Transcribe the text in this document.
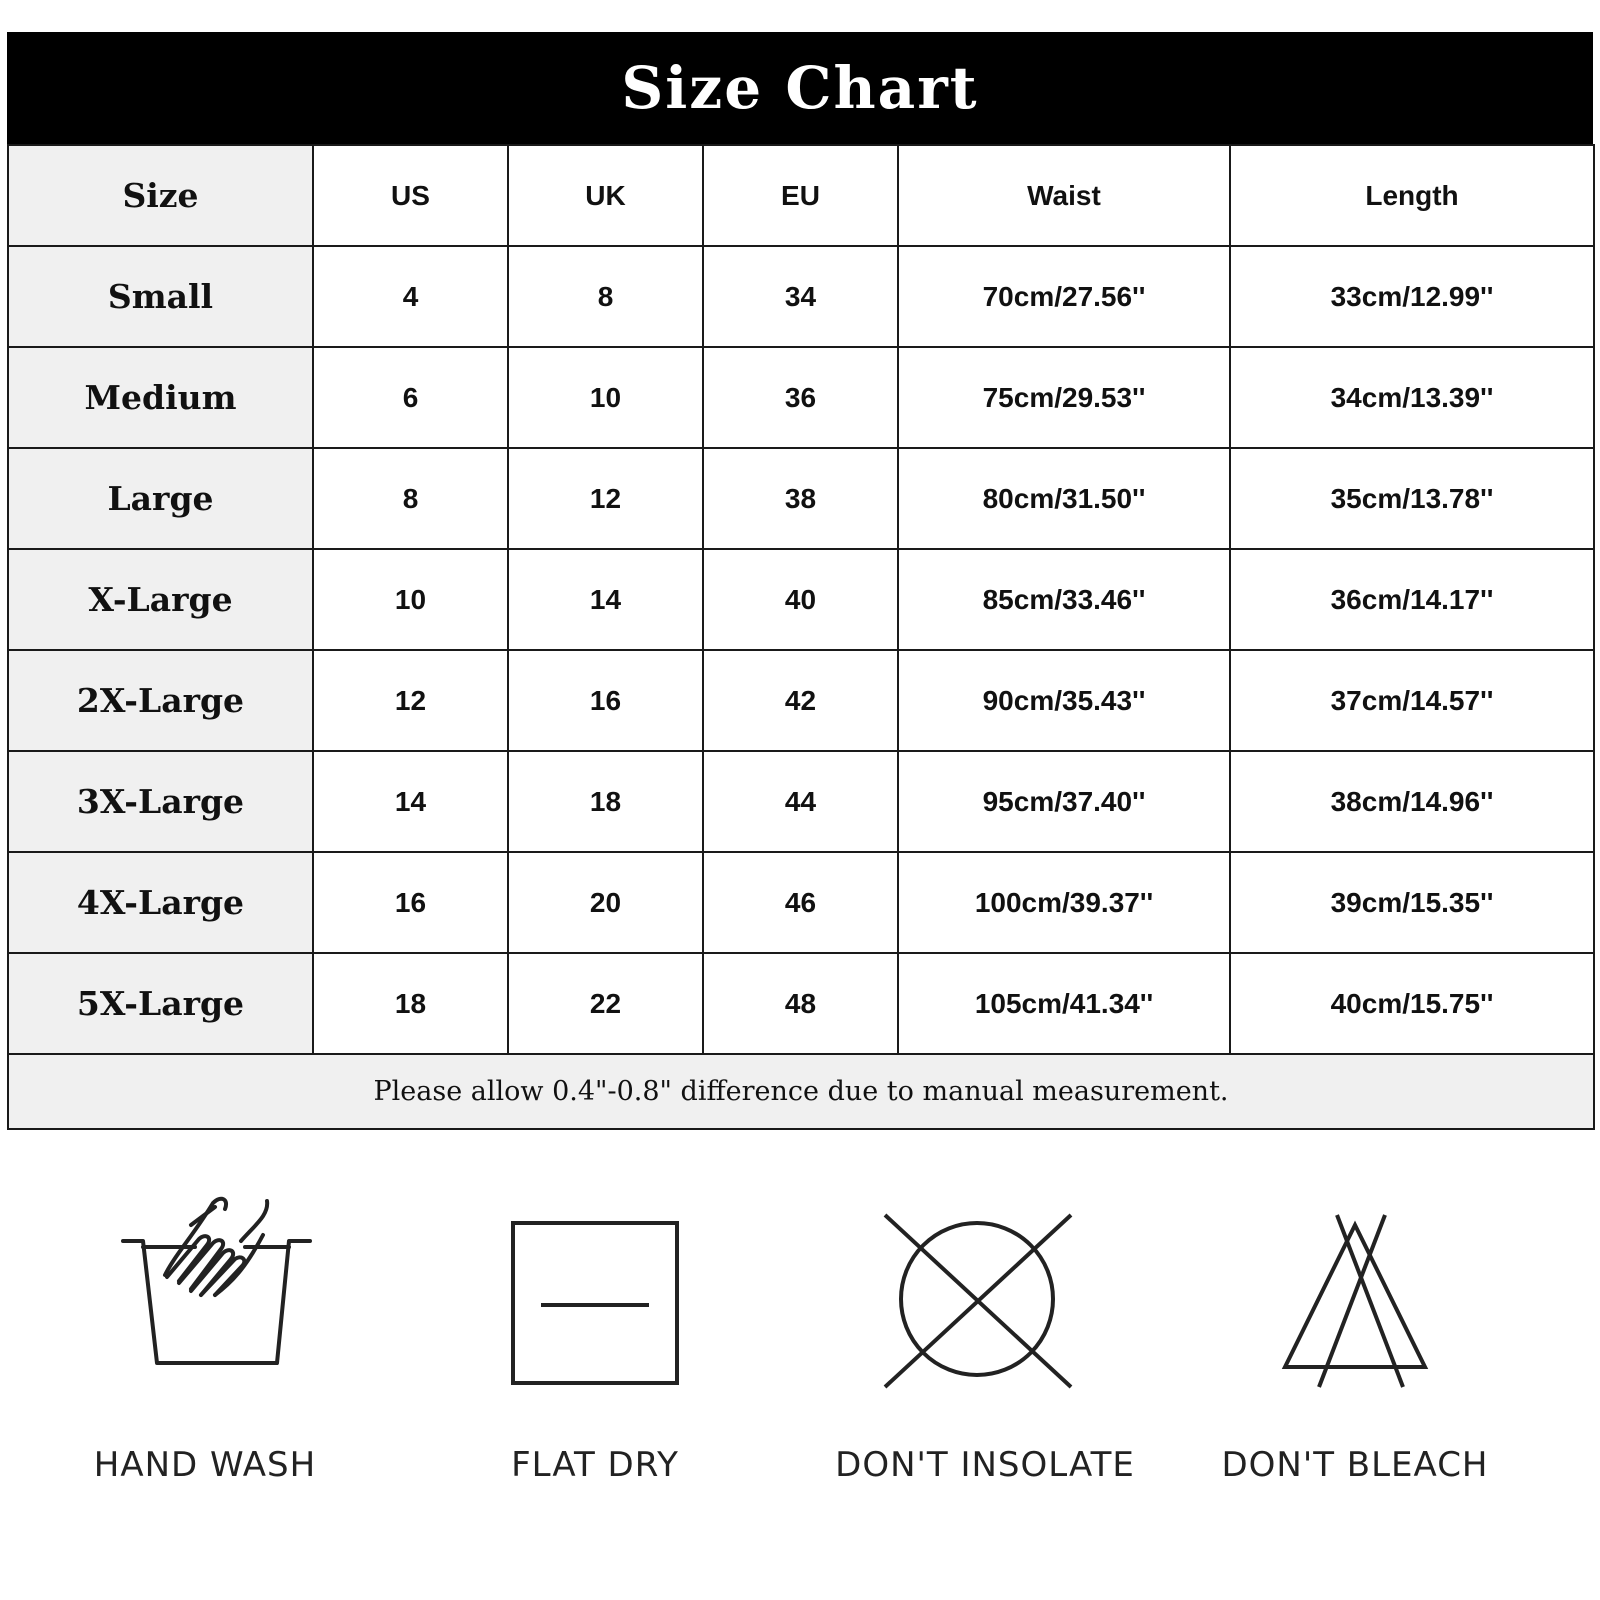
Size Chart
Size	US	UK	EU	Waist	Length
Small	4	8	34	70cm/27.56''	33cm/12.99''
Medium	6	10	36	75cm/29.53''	34cm/13.39''
Large	8	12	38	80cm/31.50''	35cm/13.78''
X-Large	10	14	40	85cm/33.46''	36cm/14.17''
2X-Large	12	16	42	90cm/35.43''	37cm/14.57''
3X-Large	14	18	44	95cm/37.40''	38cm/14.96''
4X-Large	16	20	46	100cm/39.37''	39cm/15.35''
5X-Large	18	22	48	105cm/41.34''	40cm/15.75''
Please allow 0.4"-0.8" difference due to manual measurement.					
HAND WASH	FLAT DRY	DON'T INSOLATE	DON'T BLEACH
